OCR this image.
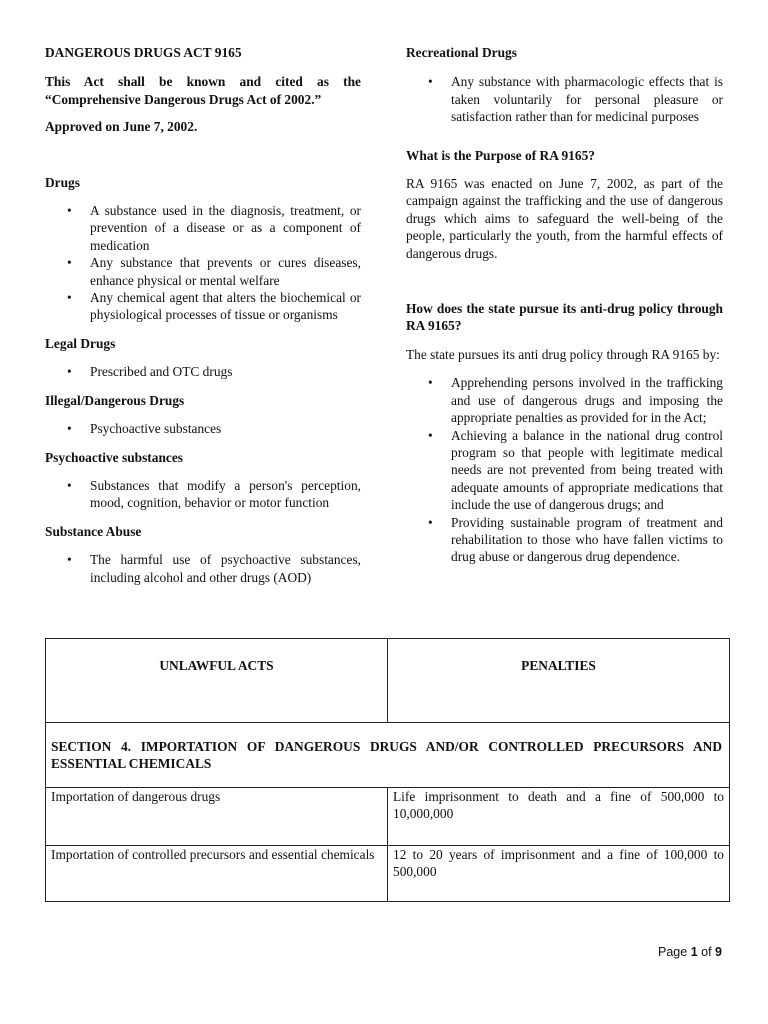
DANGEROUS DRUGS ACT 9165

This Act shall be known and cited as the “Comprehensive Dangerous Drugs Act of 2002.”

Approved on June 7, 2002.

Drugs

• A substance used in the diagnosis, treatment, or prevention of a disease or as a component of medication
• Any substance that prevents or cures diseases, enhance physical or mental welfare
• Any chemical agent that alters the biochemical or physiological processes of tissue or organisms

Legal Drugs

• Prescribed and OTC drugs

Illegal/Dangerous Drugs

• Psychoactive substances

Psychoactive substances

• Substances that modify a person's perception, mood, cognition, behavior or motor function

Substance Abuse

• The harmful use of psychoactive substances, including alcohol and other drugs (AOD)

Recreational Drugs

• Any substance with pharmacologic effects that is taken voluntarily for personal pleasure or satisfaction rather than for medicinal purposes

What is the Purpose of RA 9165?

RA 9165 was enacted on June 7, 2002, as part of the campaign against the trafficking and the use of dangerous drugs which aims to safeguard the well-being of the people, particularly the youth, from the harmful effects of dangerous drugs.

How does the state pursue its anti-drug policy through RA 9165?

The state pursues its anti drug policy through RA 9165 by:

• Apprehending persons involved in the trafficking and use of dangerous drugs and imposing the appropriate penalties as provided for in the Act;
• Achieving a balance in the national drug control program so that people with legitimate medical needs are not prevented from being treated with adequate amounts of appropriate medications that include the use of dangerous drugs; and
• Providing sustainable program of treatment and rehabilitation to those who have fallen victims to drug abuse or dangerous drug dependence.
UNLAWFUL ACTS	PENALTIES
SECTION 4. IMPORTATION OF DANGEROUS DRUGS AND/OR CONTROLLED PRECURSORS AND ESSENTIAL CHEMICALS	
Importation of dangerous drugs	Life imprisonment to death and a fine of 500,000 to 10,000,000
Importation of controlled precursors and essential chemicals	12 to 20 years of imprisonment and a fine of 100,000 to 500,000
Page 1 of 9
